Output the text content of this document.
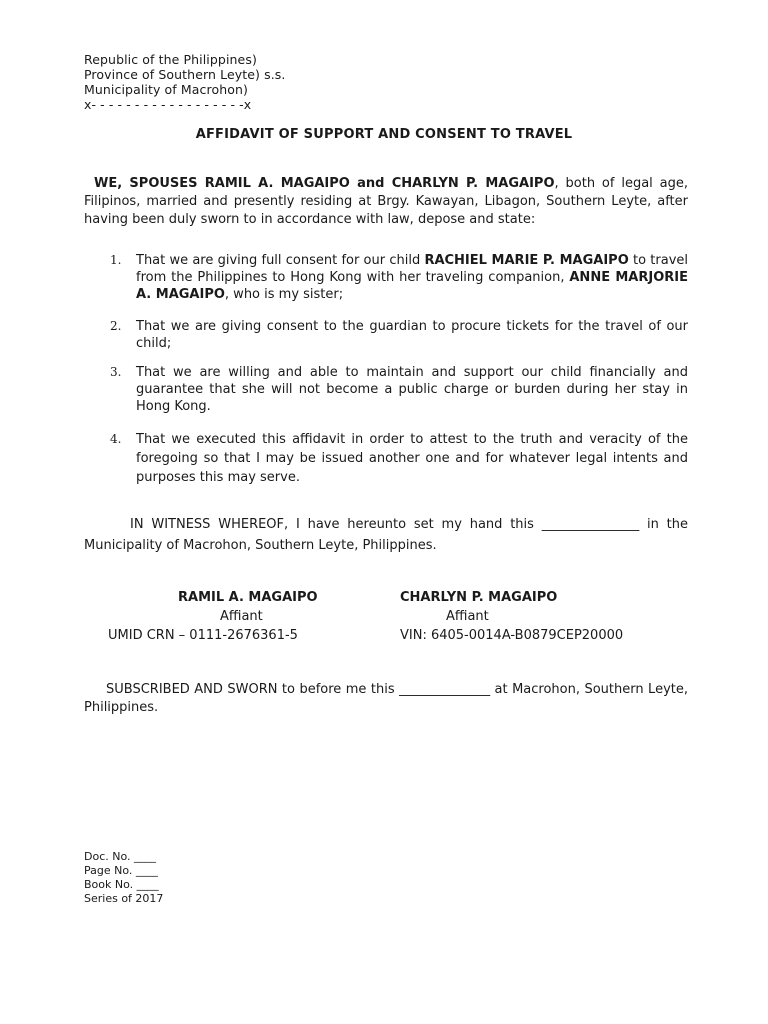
Republic of the Philippines)
Province of Southern Leyte) s.s.
Municipality of Macrohon)
x- - - - - - - - - - - - - - - - - -x
AFFIDAVIT OF SUPPORT AND CONSENT TO TRAVEL
WE, SPOUSES RAMIL A. MAGAIPO and CHARLYN P. MAGAIPO, both of legal age, Filipinos, married and presently residing at Brgy. Kawayan, Libagon, Southern Leyte, after having been duly sworn to in accordance with law, depose and state:
1. That we are giving full consent for our child RACHIEL MARIE P. MAGAIPO to travel from the Philippines to Hong Kong with her traveling companion, ANNE MARJORIE A. MAGAIPO, who is my sister;
2. That we are giving consent to the guardian to procure tickets for the travel of our child;
3. That we are willing and able to maintain and support our child financially and guarantee that she will not become a public charge or burden during her stay in Hong Kong.
4. That we executed this affidavit in order to attest to the truth and veracity of the foregoing so that I may be issued another one and for whatever legal intents and purposes this may serve.
IN WITNESS WHEREOF, I have hereunto set my hand this _______________ in the Municipality of Macrohon, Southern Leyte, Philippines.
RAMIL A. MAGAIPO
Affiant
UMID CRN – 0111-2676361-5
CHARLYN P. MAGAIPO
Affiant
VIN: 6405-0014A-B0879CEP20000
SUBSCRIBED AND SWORN to before me this ______________ at Macrohon, Southern Leyte, Philippines.
Doc. No. ____
Page No. ____
Book No. ____
Series of 2017
